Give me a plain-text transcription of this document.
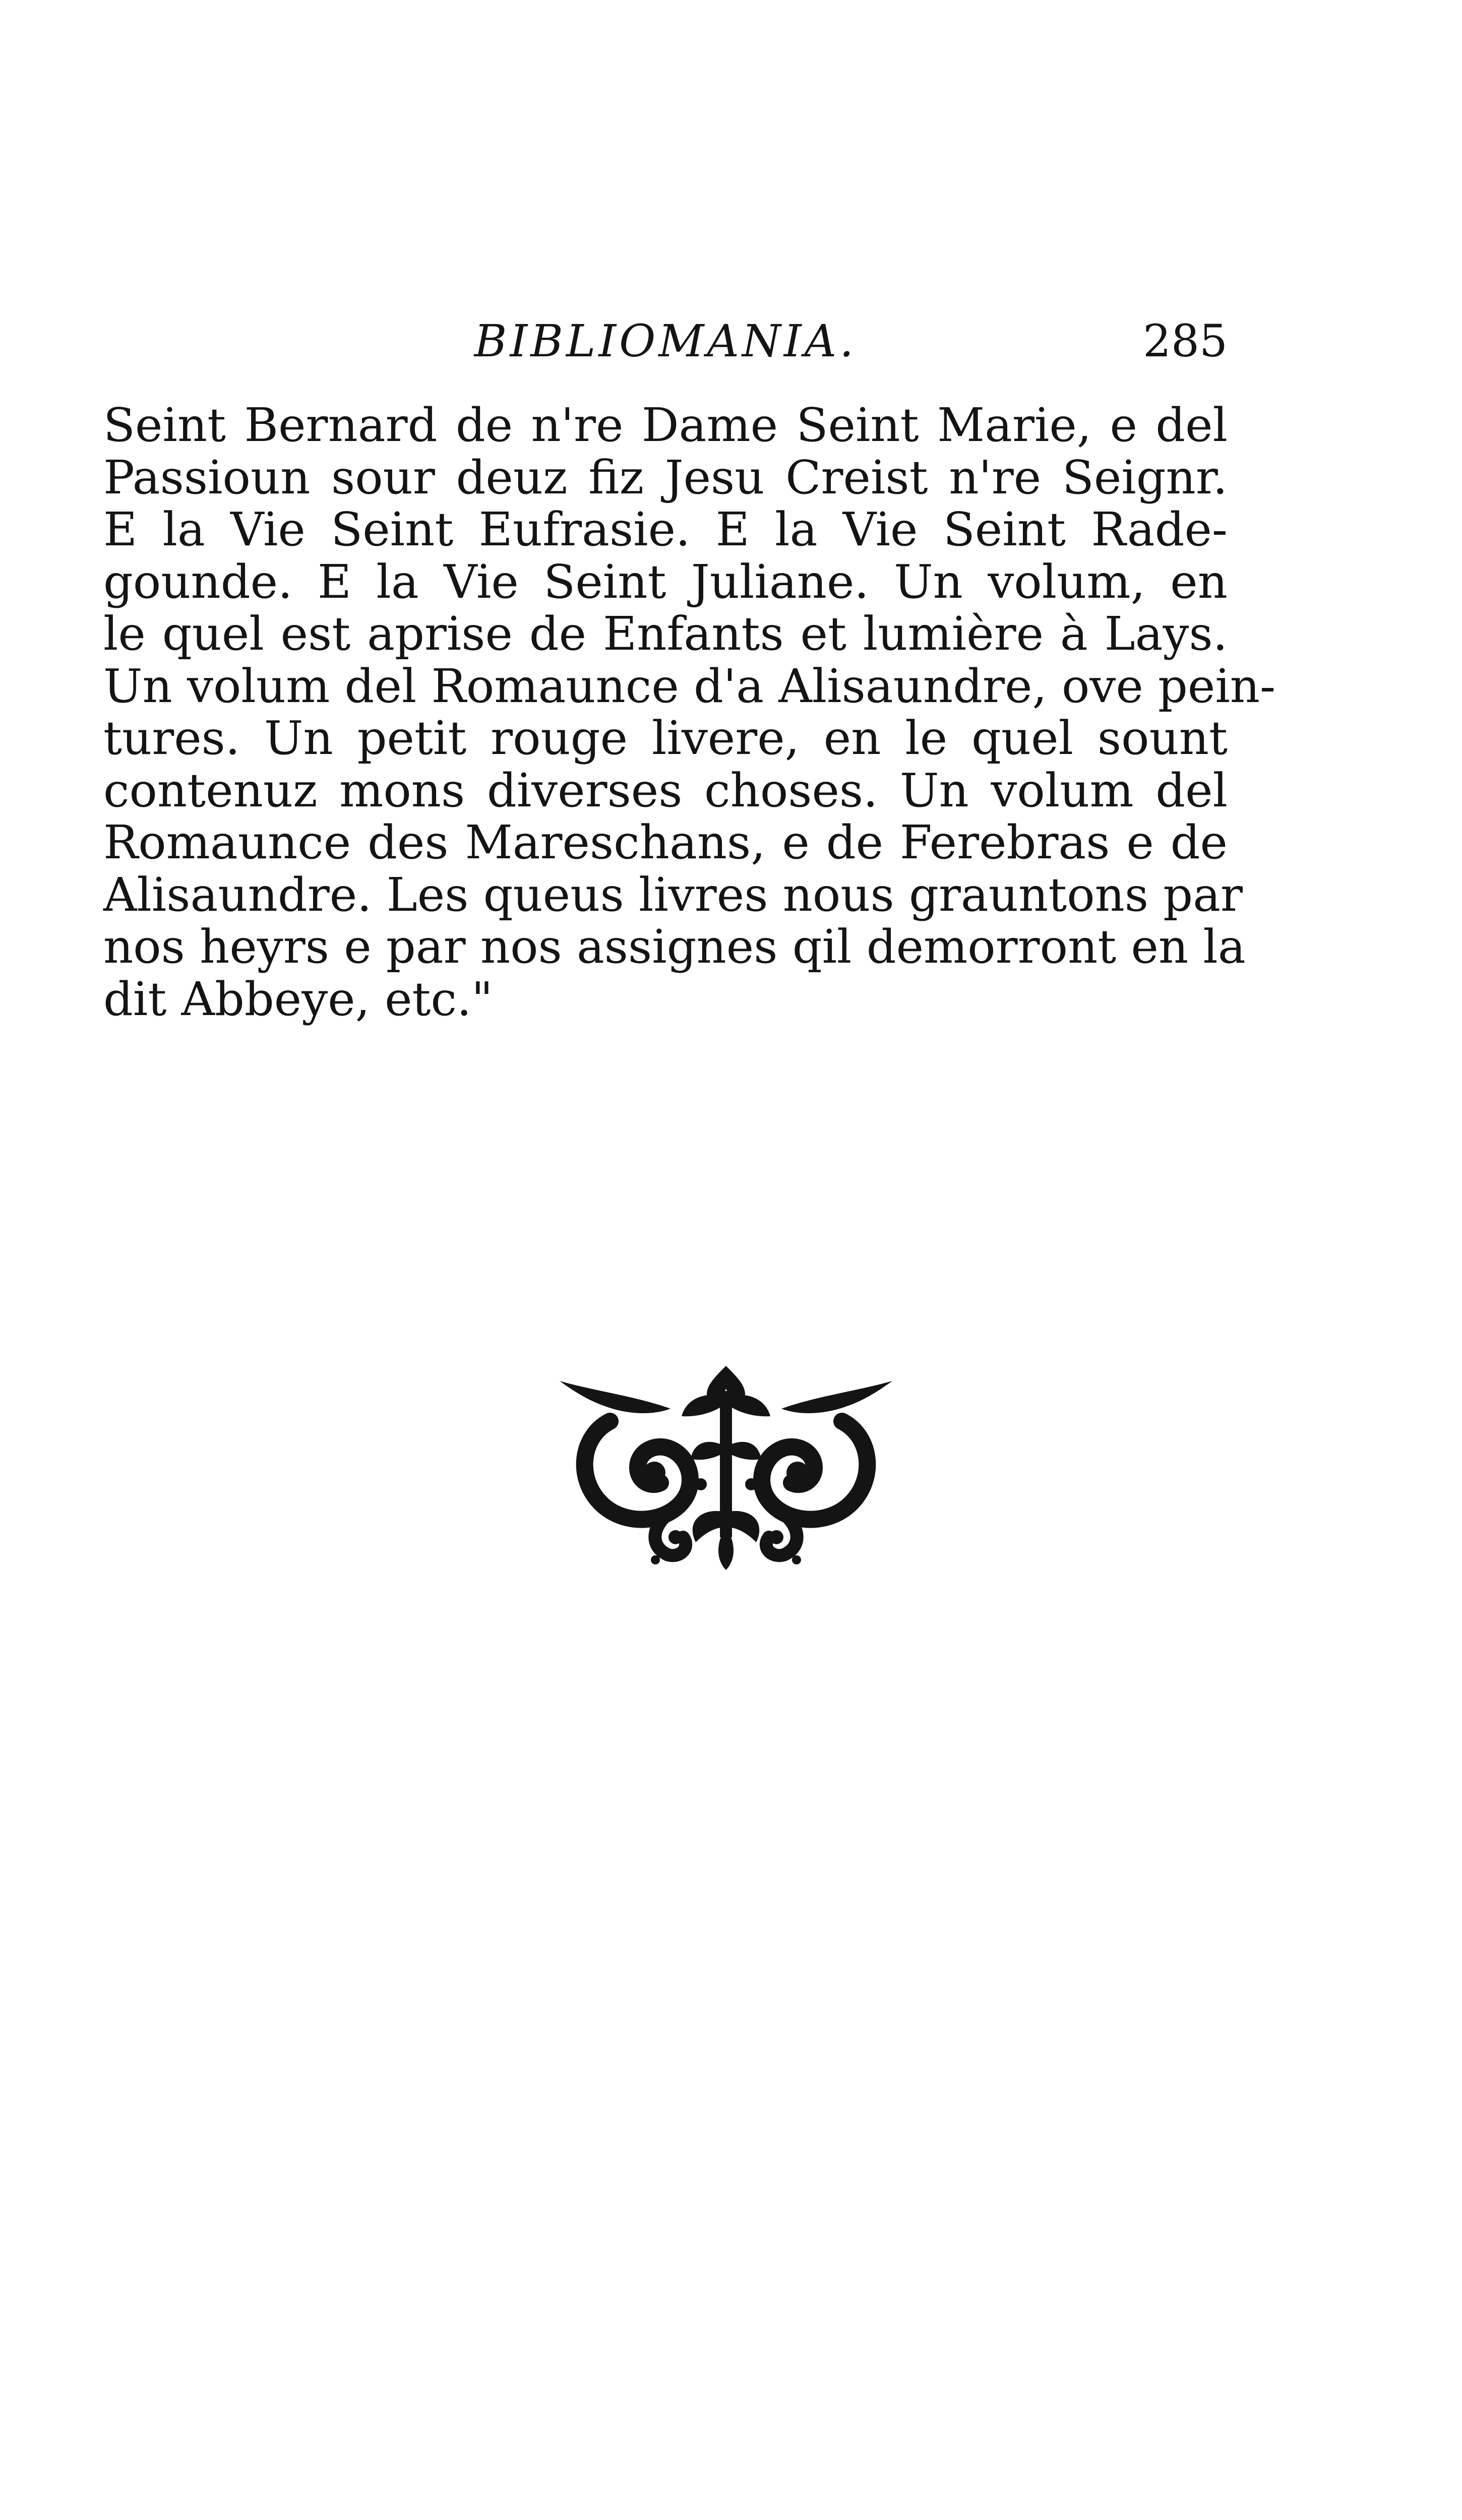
BIBLIOMANIA.	285
Seint Bernard de n're Dame Seint Marie, e del
Passioun sour deuz fiz Jesu Creist n're Seignr.
E la Vie Seint Eufrasie. E la Vie Seint Rade-
gounde. E la Vie Seint Juliane. Un volum, en
le quel est aprise de Enfants et lumière à Lays.
Un volum del Romaunce d'a Alisaundre, ove pein-
tures. Un petit rouge livere, en le quel sount
contenuz mons diverses choses. Un volum del
Romaunce des Mareschans, e de Ferebras e de
Alisaundre. Les queus livres nous grauntons par
nos heyrs e par nos assignes qil demorront en la
dit Abbeye, etc."
